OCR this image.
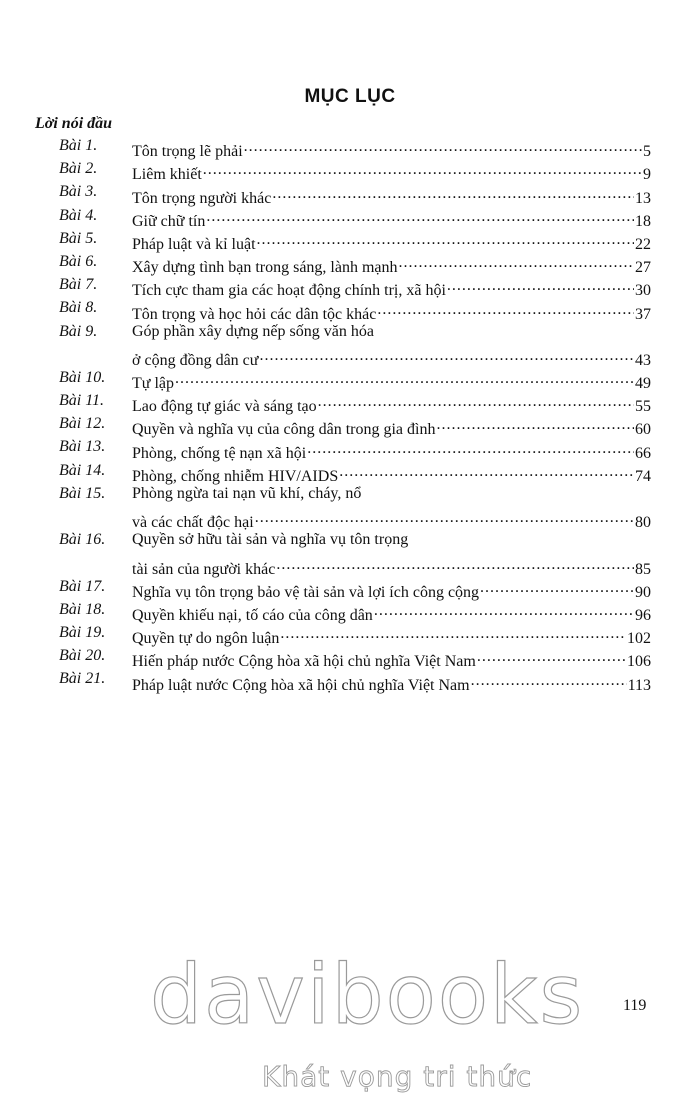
MỤC LỤC
Lời nói đầu
Bài 1. Tôn trọng lẽ phải .....	5
Bài 2. Liêm khiết .....	9
Bài 3. Tôn trọng người khác .....	13
Bài 4. Giữ chữ tín .....	18
Bài 5. Pháp luật và kỉ luật .....	22
Bài 6. Xây dựng tình bạn trong sáng, lành mạnh .....	27
Bài 7. Tích cực tham gia các hoạt động chính trị, xã hội .....	30
Bài 8. Tôn trọng và học hỏi các dân tộc khác .....	37
Bài 9. Góp phần xây dựng nếp sống văn hóa
ở cộng đồng dân cư .....	43
Bài 10. Tự lập .....	49
Bài 11. Lao động tự giác và sáng tạo .....	55
Bài 12. Quyền và nghĩa vụ của công dân trong gia đình .....	60
Bài 13. Phòng, chống tệ nạn xã hội .....	66
Bài 14. Phòng, chống nhiễm HIV/AIDS .....	74
Bài 15. Phòng ngừa tai nạn vũ khí, cháy, nổ
và các chất độc hại .....	80
Bài 16. Quyền sở hữu tài sản và nghĩa vụ tôn trọng
tài sản của người khác .....	85
Bài 17. Nghĩa vụ tôn trọng bảo vệ tài sản và lợi ích công cộng .....	90
Bài 18. Quyền khiếu nại, tố cáo của công dân .....	96
Bài 19. Quyền tự do ngôn luận .....	102
Bài 20. Hiến pháp nước Cộng hòa xã hội chủ nghĩa Việt Nam .....	106
Bài 21. Pháp luật nước Cộng hòa xã hội chủ nghĩa Việt Nam .....	113
119
davibooks
Khát vọng tri thức
